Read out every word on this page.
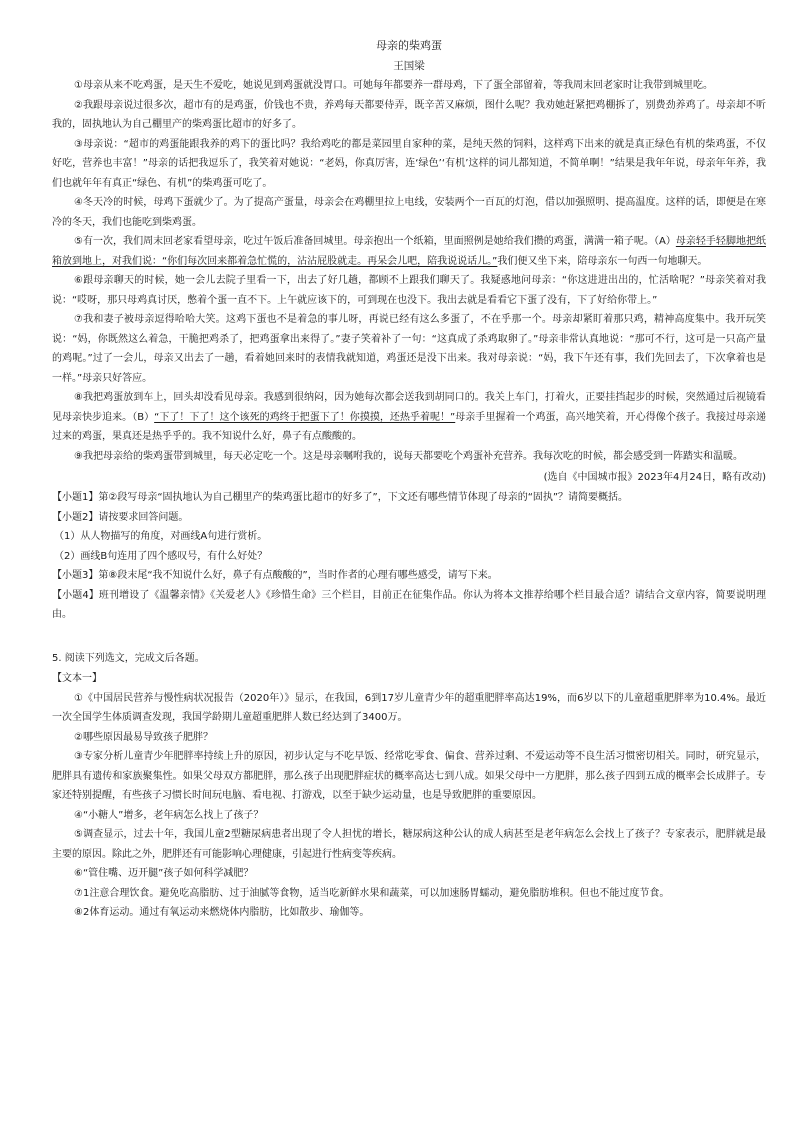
母亲的柴鸡蛋

王国梁

①母亲从来不吃鸡蛋，是天生不爱吃，她说见到鸡蛋就没胃口。可她每年都要养一群母鸡，下了蛋全部留着，等我周末回老家时让我带到城里吃。

②我跟母亲说过很多次，超市有的是鸡蛋，价钱也不贵，养鸡每天都要侍弄，既辛苦又麻烦，图什么呢？我劝她赶紧把鸡棚拆了，别费劲养鸡了。母亲却不听我的，固执地认为自己棚里产的柴鸡蛋比超市的好多了。

③母亲说：“超市的鸡蛋能跟我养的鸡下的蛋比吗？我给鸡吃的都是菜园里自家种的菜，是纯天然的饲料，这样鸡下出来的就是真正绿色有机的柴鸡蛋，不仅好吃，营养也丰富！”母亲的话把我逗乐了，我笑着对她说：“老妈，你真厉害，连‘绿色’‘有机’这样的词儿都知道，不简单啊！”结果是我年年说，母亲年年养，我们也就年年有真正“绿色、有机”的柴鸡蛋可吃了。

④冬天冷的时候，母鸡下蛋就少了。为了提高产蛋量，母亲会在鸡棚里拉上电线，安装两个一百瓦的灯泡，借以加强照明、提高温度。这样的话，即便是在寒冷的冬天，我们也能吃到柴鸡蛋。

⑤有一次，我们周末回老家看望母亲，吃过午饭后准备回城里。母亲抱出一个纸箱，里面照例是她给我们攒的鸡蛋，满满一箱子呢。（A）母亲轻手轻脚地把纸箱放到地上，对我们说：“你们每次回来都着急忙慌的，沾沾屁股就走。再呆会儿吧，陪我说说话儿。”我们便又坐下来，陪母亲东一句西一句地聊天。

⑥跟母亲聊天的时候，她一会儿去院子里看一下，出去了好几趟，都顾不上跟我们聊天了。我疑惑地问母亲：“你这进进出出的，忙活啥呢？”母亲笑着对我说：“哎呀，那只母鸡真讨厌，憋着个蛋一直不下。上午就应该下的，可到现在也没下。我出去就是看看它下蛋了没有，下了好给你带上。”

⑦我和妻子被母亲逗得哈哈大笑。这鸡下蛋也不是着急的事儿呀，再说已经有这么多蛋了，不在乎那一个。母亲却紧盯着那只鸡，精神高度集中。我开玩笑说：“妈，你既然这么着急，干脆把鸡杀了，把鸡蛋拿出来得了。”妻子笑着补了一句：“这真成了杀鸡取卵了。”母亲非常认真地说：“那可不行，这可是一只高产量的鸡呢。”过了一会儿，母亲又出去了一趟，看着她回来时的表情我就知道，鸡蛋还是没下出来。我对母亲说：“妈，我下午还有事，我们先回去了，下次拿着也是一样。”母亲只好答应。

⑧我把鸡蛋放到车上，回头却没看见母亲。我感到很纳闷，因为她每次都会送我到胡同口的。我关上车门，打着火，正要挂挡起步的时候，突然通过后视镜看见母亲快步追来。（B）“下了！下了！这个该死的鸡终于把蛋下了！你摸摸，还热乎着呢！”母亲手里握着一个鸡蛋，高兴地笑着，开心得像个孩子。我接过母亲递过来的鸡蛋，果真还是热乎乎的。我不知说什么好，鼻子有点酸酸的。

⑨我把母亲给的柴鸡蛋带到城里，每天必定吃一个。这是母亲嘱咐我的，说每天都要吃个鸡蛋补充营养。我每次吃的时候，都会感受到一阵踏实和温暖。

(选自《中国城市报》2023年4月24日，略有改动)

【小题1】第②段写母亲“固执地认为自己棚里产的柴鸡蛋比超市的好多了”，下文还有哪些情节体现了母亲的“固执”？请简要概括。

【小题2】请按要求回答问题。

（1）从人物描写的角度，对画线A句进行赏析。

（2）画线B句连用了四个感叹号，有什么好处？

【小题3】第⑧段末尾“我不知说什么好，鼻子有点酸酸的”，当时作者的心理有哪些感受，请写下来。

【小题4】班刊增设了《温馨亲情》《关爱老人》《珍惜生命》三个栏目，目前正在征集作品。你认为将本文推荐给哪个栏目最合适？请结合文章内容，简要说明理由。

5. 阅读下列选文，完成文后各题。

【文本一】

①《中国居民营养与慢性病状况报告（2020年）》显示，在我国，6到17岁儿童青少年的超重肥胖率高达19%，而6岁以下的儿童超重肥胖率为10.4%。最近一次全国学生体质调查发现，我国学龄期儿童超重肥胖人数已经达到了3400万。

②哪些原因最易导致孩子肥胖？

③专家分析儿童青少年肥胖率持续上升的原因，初步认定与不吃早饭、经常吃零食、偏食、营养过剩、不爱运动等不良生活习惯密切相关。同时，研究显示，肥胖具有遗传和家族聚集性。如果父母双方都肥胖，那么孩子出现肥胖症状的概率高达七到八成。如果父母中一方肥胖，那么孩子四到五成的概率会长成胖子。专家还特别提醒，有些孩子习惯长时间玩电脑、看电视、打游戏，以至于缺少运动量，也是导致肥胖的重要原因。

④“小糖人”增多，老年病怎么找上了孩子？

⑤调查显示，过去十年，我国儿童2型糖尿病患者出现了令人担忧的增长，糖尿病这种公认的成人病甚至是老年病怎么会找上了孩子？专家表示，肥胖就是最主要的原因。除此之外，肥胖还有可能影响心理健康，引起进行性病变等疾病。

⑥“管住嘴、迈开腿”孩子如何科学减肥？

⑦1注意合理饮食。避免吃高脂肪、过于油腻等食物，适当吃新鲜水果和蔬菜，可以加速肠胃蠕动，避免脂肪堆积。但也不能过度节食。

⑧2体育运动。通过有氧运动来燃烧体内脂肪，比如散步、瑜伽等。
